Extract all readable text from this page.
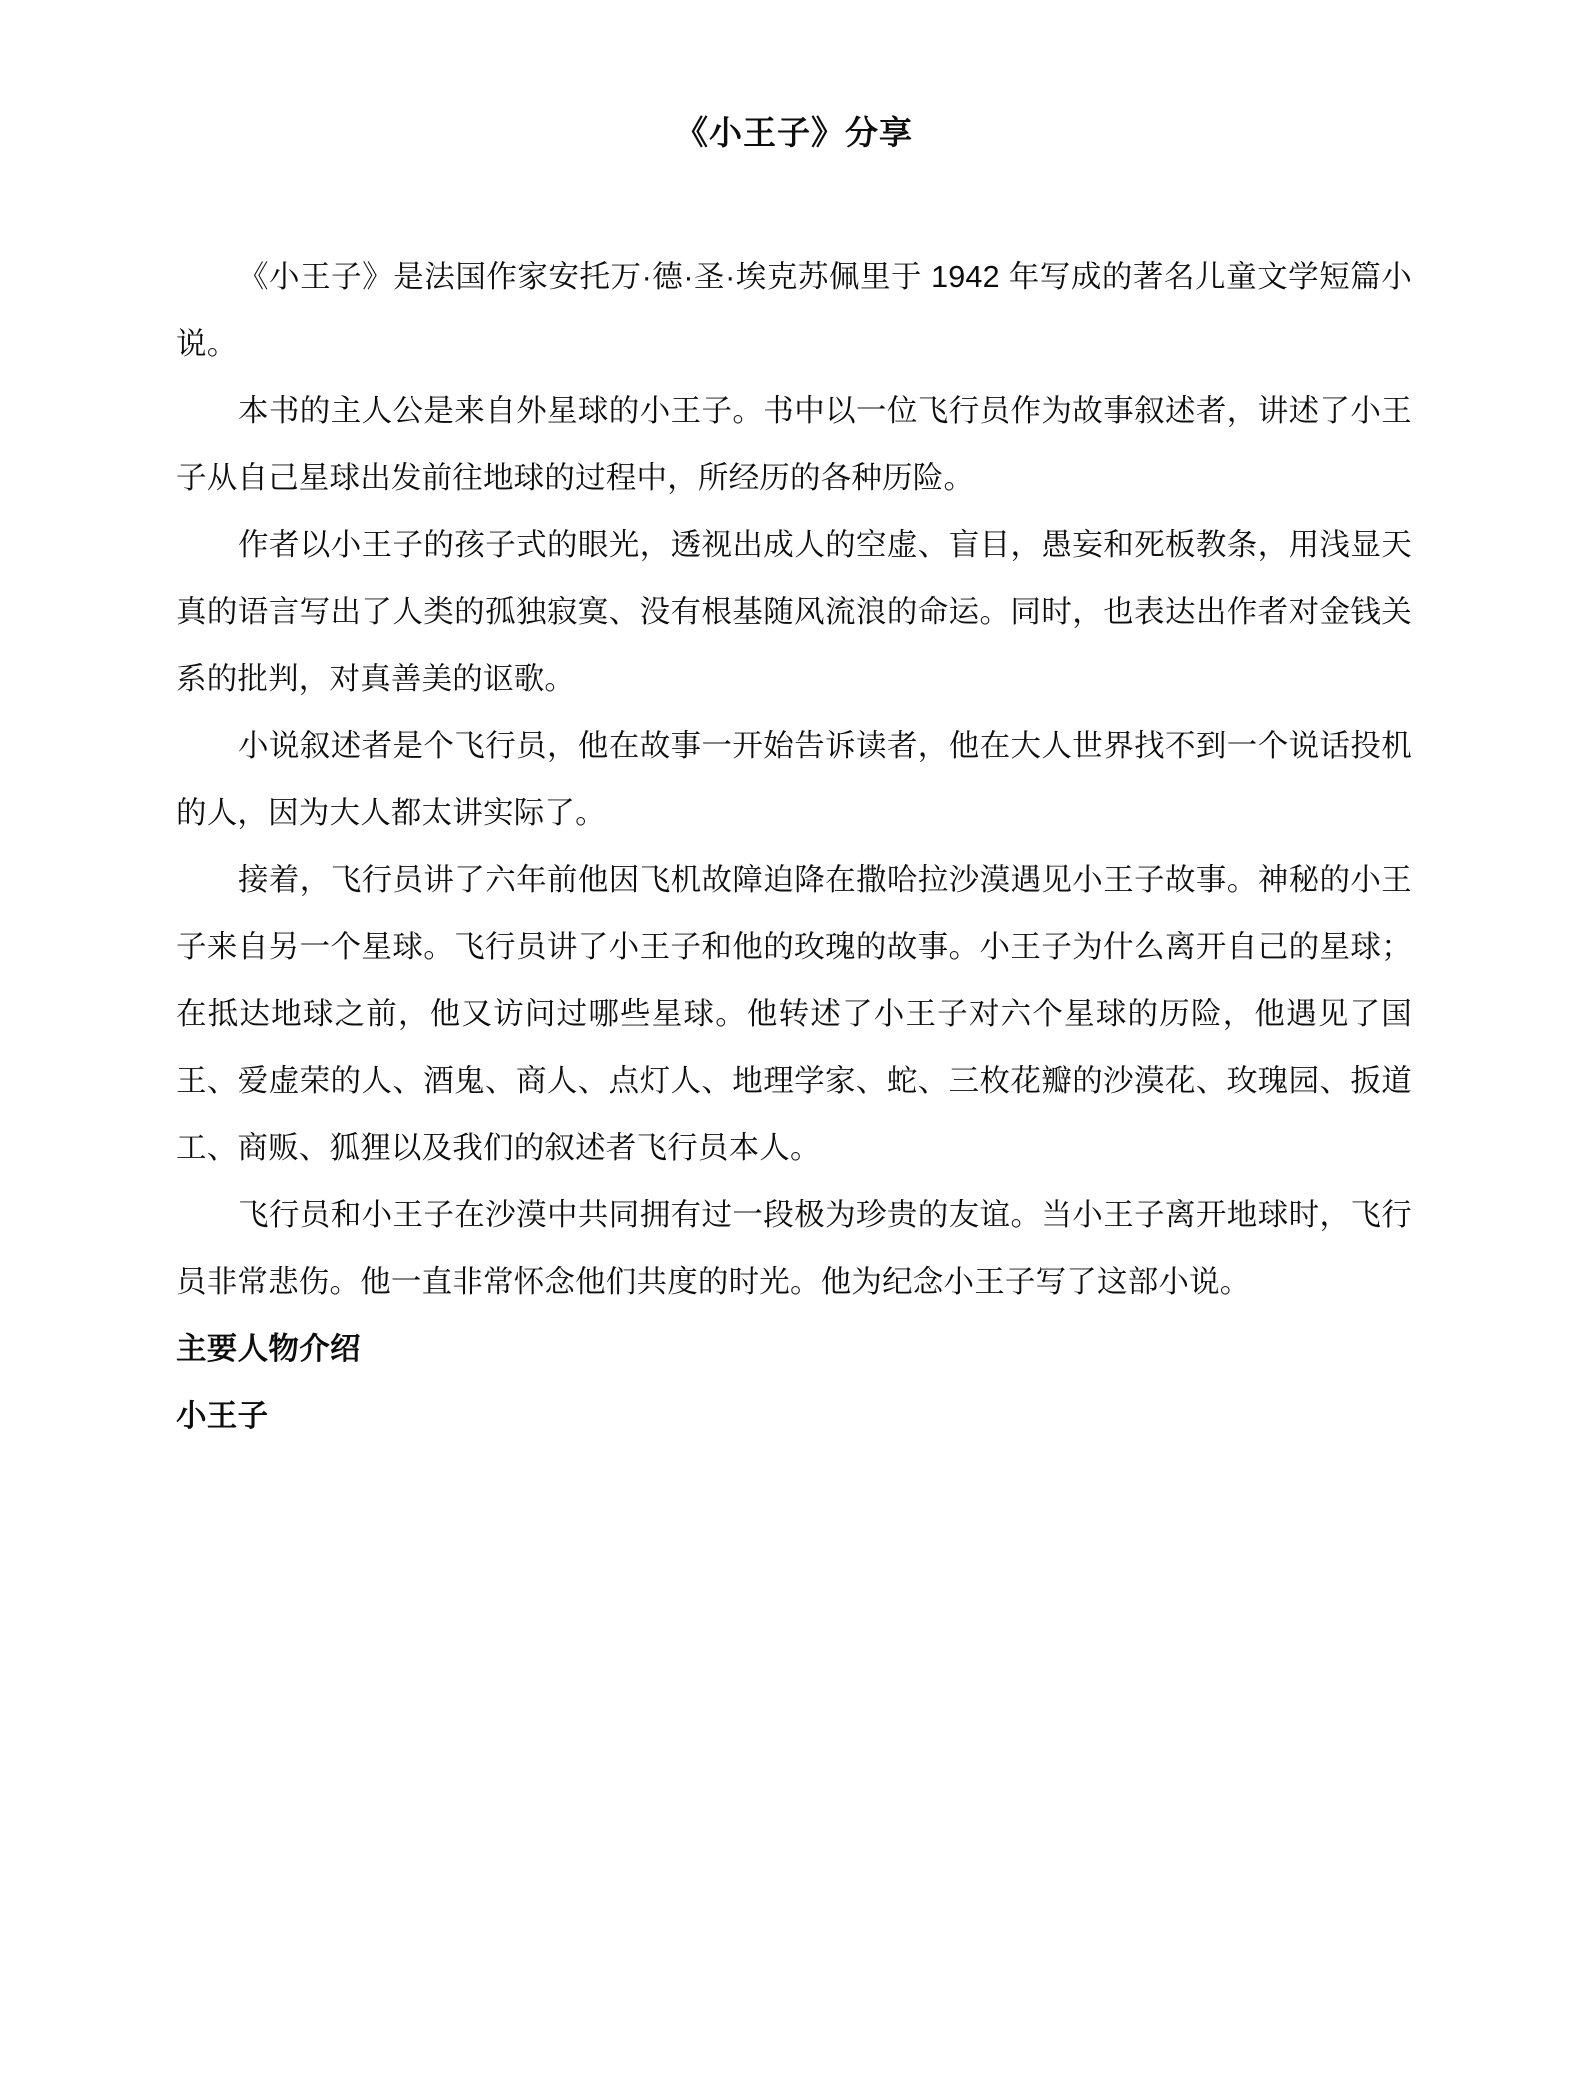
《小王子》分享

《小王子》是法国作家安托万·德·圣·埃克苏佩里于 1942 年写成的著名儿童文学短篇小说。

本书的主人公是来自外星球的小王子。书中以一位飞行员作为故事叙述者，讲述了小王子从自己星球出发前往地球的过程中，所经历的各种历险。

作者以小王子的孩子式的眼光，透视出成人的空虚、盲目，愚妄和死板教条，用浅显天真的语言写出了人类的孤独寂寞、没有根基随风流浪的命运。同时，也表达出作者对金钱关系的批判，对真善美的讴歌。

小说叙述者是个飞行员，他在故事一开始告诉读者，他在大人世界找不到一个说话投机的人，因为大人都太讲实际了。

接着，飞行员讲了六年前他因飞机故障迫降在撒哈拉沙漠遇见小王子故事。神秘的小王子来自另一个星球。飞行员讲了小王子和他的玫瑰的故事。小王子为什么离开自己的星球；在抵达地球之前，他又访问过哪些星球。他转述了小王子对六个星球的历险，他遇见了国王、爱虚荣的人、酒鬼、商人、点灯人、地理学家、蛇、三枚花瓣的沙漠花、玫瑰园、扳道工、商贩、狐狸以及我们的叙述者飞行员本人。

飞行员和小王子在沙漠中共同拥有过一段极为珍贵的友谊。当小王子离开地球时，飞行员非常悲伤。他一直非常怀念他们共度的时光。他为纪念小王子写了这部小说。

主要人物介绍

小王子
